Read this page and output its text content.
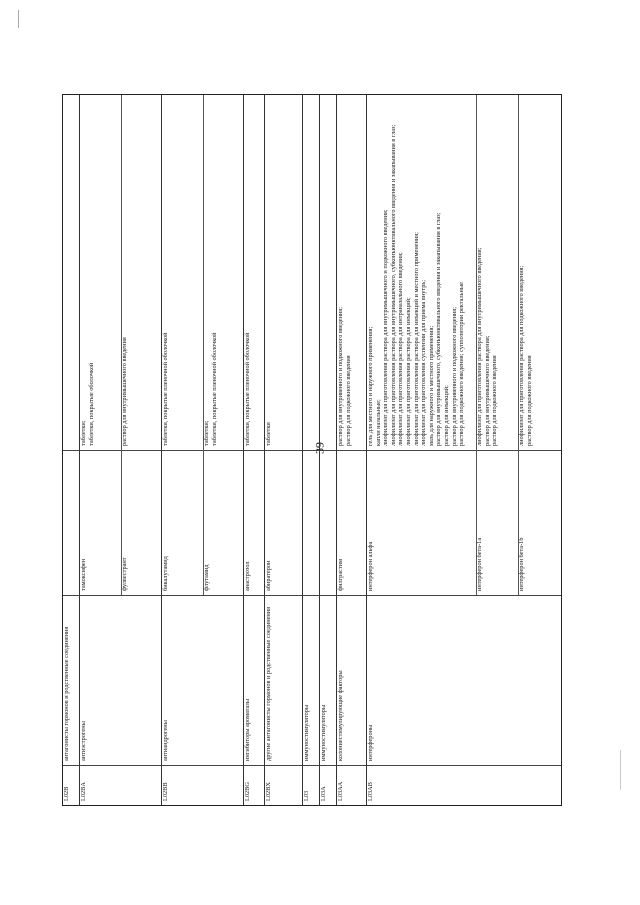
39
L02B
антагонисты гормонов и родственные соединения
L02BA
антиэстрогены
тамоксифен
таблетки;
таблетки, покрытые оболочкой
фулвестрант
раствор для внутримышечного введения
L02BB
антиандрогены
бикалутамид
таблетки, покрытые пленочной оболочкой
флутамид
таблетки;
таблетки, покрытые пленочной оболочкой
L02BG
ингибиторы ароматазы
анастрозол
таблетки, покрытые пленочной оболочкой
L02BX
другие антагонисты гормонов и родственные соединения
абиратерон
таблетки
L03
иммуностимуляторы
L03A
иммуностимуляторы
L03AA
колониестимулирующие факторы
филграстим
раствор для внутривенного и подкожного введения;
раствор для подкожного введения
L03AB
интерфероны
интерферон альфа
гель для местного и наружного применения;
капли назальные;
лиофилизат для приготовления раствора для внутримышечного и подкожного введения;
лиофилизат для приготовления раствора для внутримышечного, субконъюнктивального введения и закапывания в глаз;
лиофилизат для приготовления раствора для интраназального введения;
лиофилизат для приготовления раствора для инъекций;
лиофилизат для приготовления раствора для инъекций и местного применения;
лиофилизат для приготовления суспензии для приема внутрь;
мазь для наружного и местного применения;
раствор для внутримышечного, субконъюнктивального введения и закапывания в глаз;
раствор для инъекций;
раствор для внутривенного и подкожного введения;
раствор для подкожного введения; суппозитории ректальные
интерферон бета-1a
лиофилизат для приготовления раствора для внутримышечного введения;
раствор для внутримышечного введения;
раствор для подкожного введения
интерферон бета-1b
лиофилизат для приготовления раствора для подкожного введения;
раствор для подкожного введения
